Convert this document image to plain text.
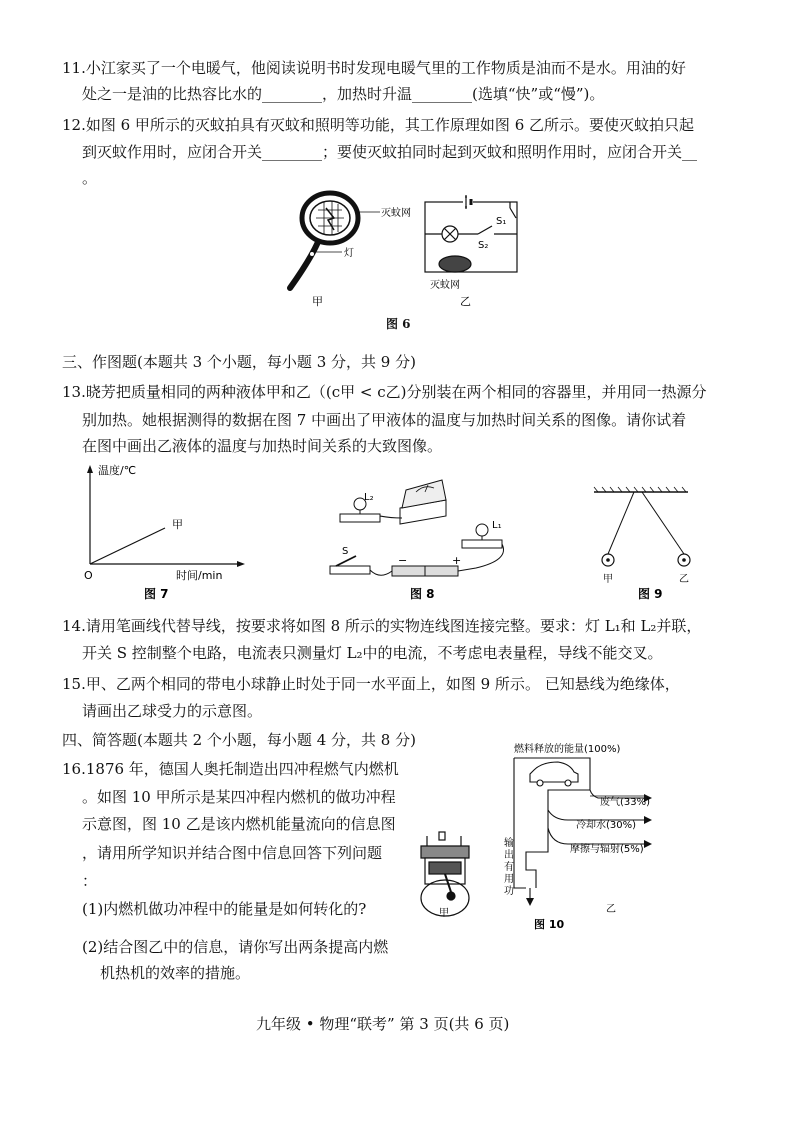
11.小江家买了一个电暖气，他阅读说明书时发现电暖气里的工作物质是油而不是水。用油的好
处之一是油的比热容比水的________，加热时升温________(选填“快”或“慢”)。
12.如图 6 甲所示的灭蚊拍具有灭蚊和照明等功能，其工作原理如图 6 乙所示。要使灭蚊拍只起
到灭蚊作用时，应闭合开关________；要使灭蚊拍同时起到灭蚊和照明作用时，应闭合开关__
。
灭蚊网
灯
甲
S₁
S₂
灭蚊网
乙
图 6
三、作图题(本题共 3 个小题，每小题 3 分，共 9 分)
13.晓芳把质量相同的两种液体甲和乙（(c甲 < c乙)分别装在两个相同的容器里，并用同一热源分
别加热。她根据测得的数据在图 7 中画出了甲液体的温度与加热时间关系的图像。请你试着
在图中画出乙液体的温度与加热时间关系的大致图像。
温度/℃
甲
O	时间/min
图 7
L₂
L₁
S
−	+
图 8
甲	乙
图 9
14.请用笔画线代替导线，按要求将如图 8 所示的实物连线图连接完整。要求：灯 L₁和 L₂并联，
开关 S 控制整个电路，电流表只测量灯 L₂中的电流，不考虑电表量程，导线不能交叉。
15.甲、乙两个相同的带电小球静止时处于同一水平面上，如图 9 所示。 已知悬线为绝缘体，
请画出乙球受力的示意图。
四、简答题(本题共 2 个小题，每小题 4 分，共 8 分)
16.1876 年，德国人奥托制造出四冲程燃气内燃机
。如图 10 甲所示是某四冲程内燃机的做功冲程
示意图，图 10 乙是该内燃机能量流向的信息图
，请用所学知识并结合图中信息回答下列问题
：
(1)内燃机做功冲程中的能量是如何转化的?
(2)结合图乙中的信息，请你写出两条提高内燃
机热机的效率的措施。
甲
燃料释放的能量(100%)
废气(33%)
冷却水(30%)
摩擦与辐射(5%)
输
出
有
用
功
乙
图 10
九年级 • 物理“联考” 第 3 页(共 6 页)
